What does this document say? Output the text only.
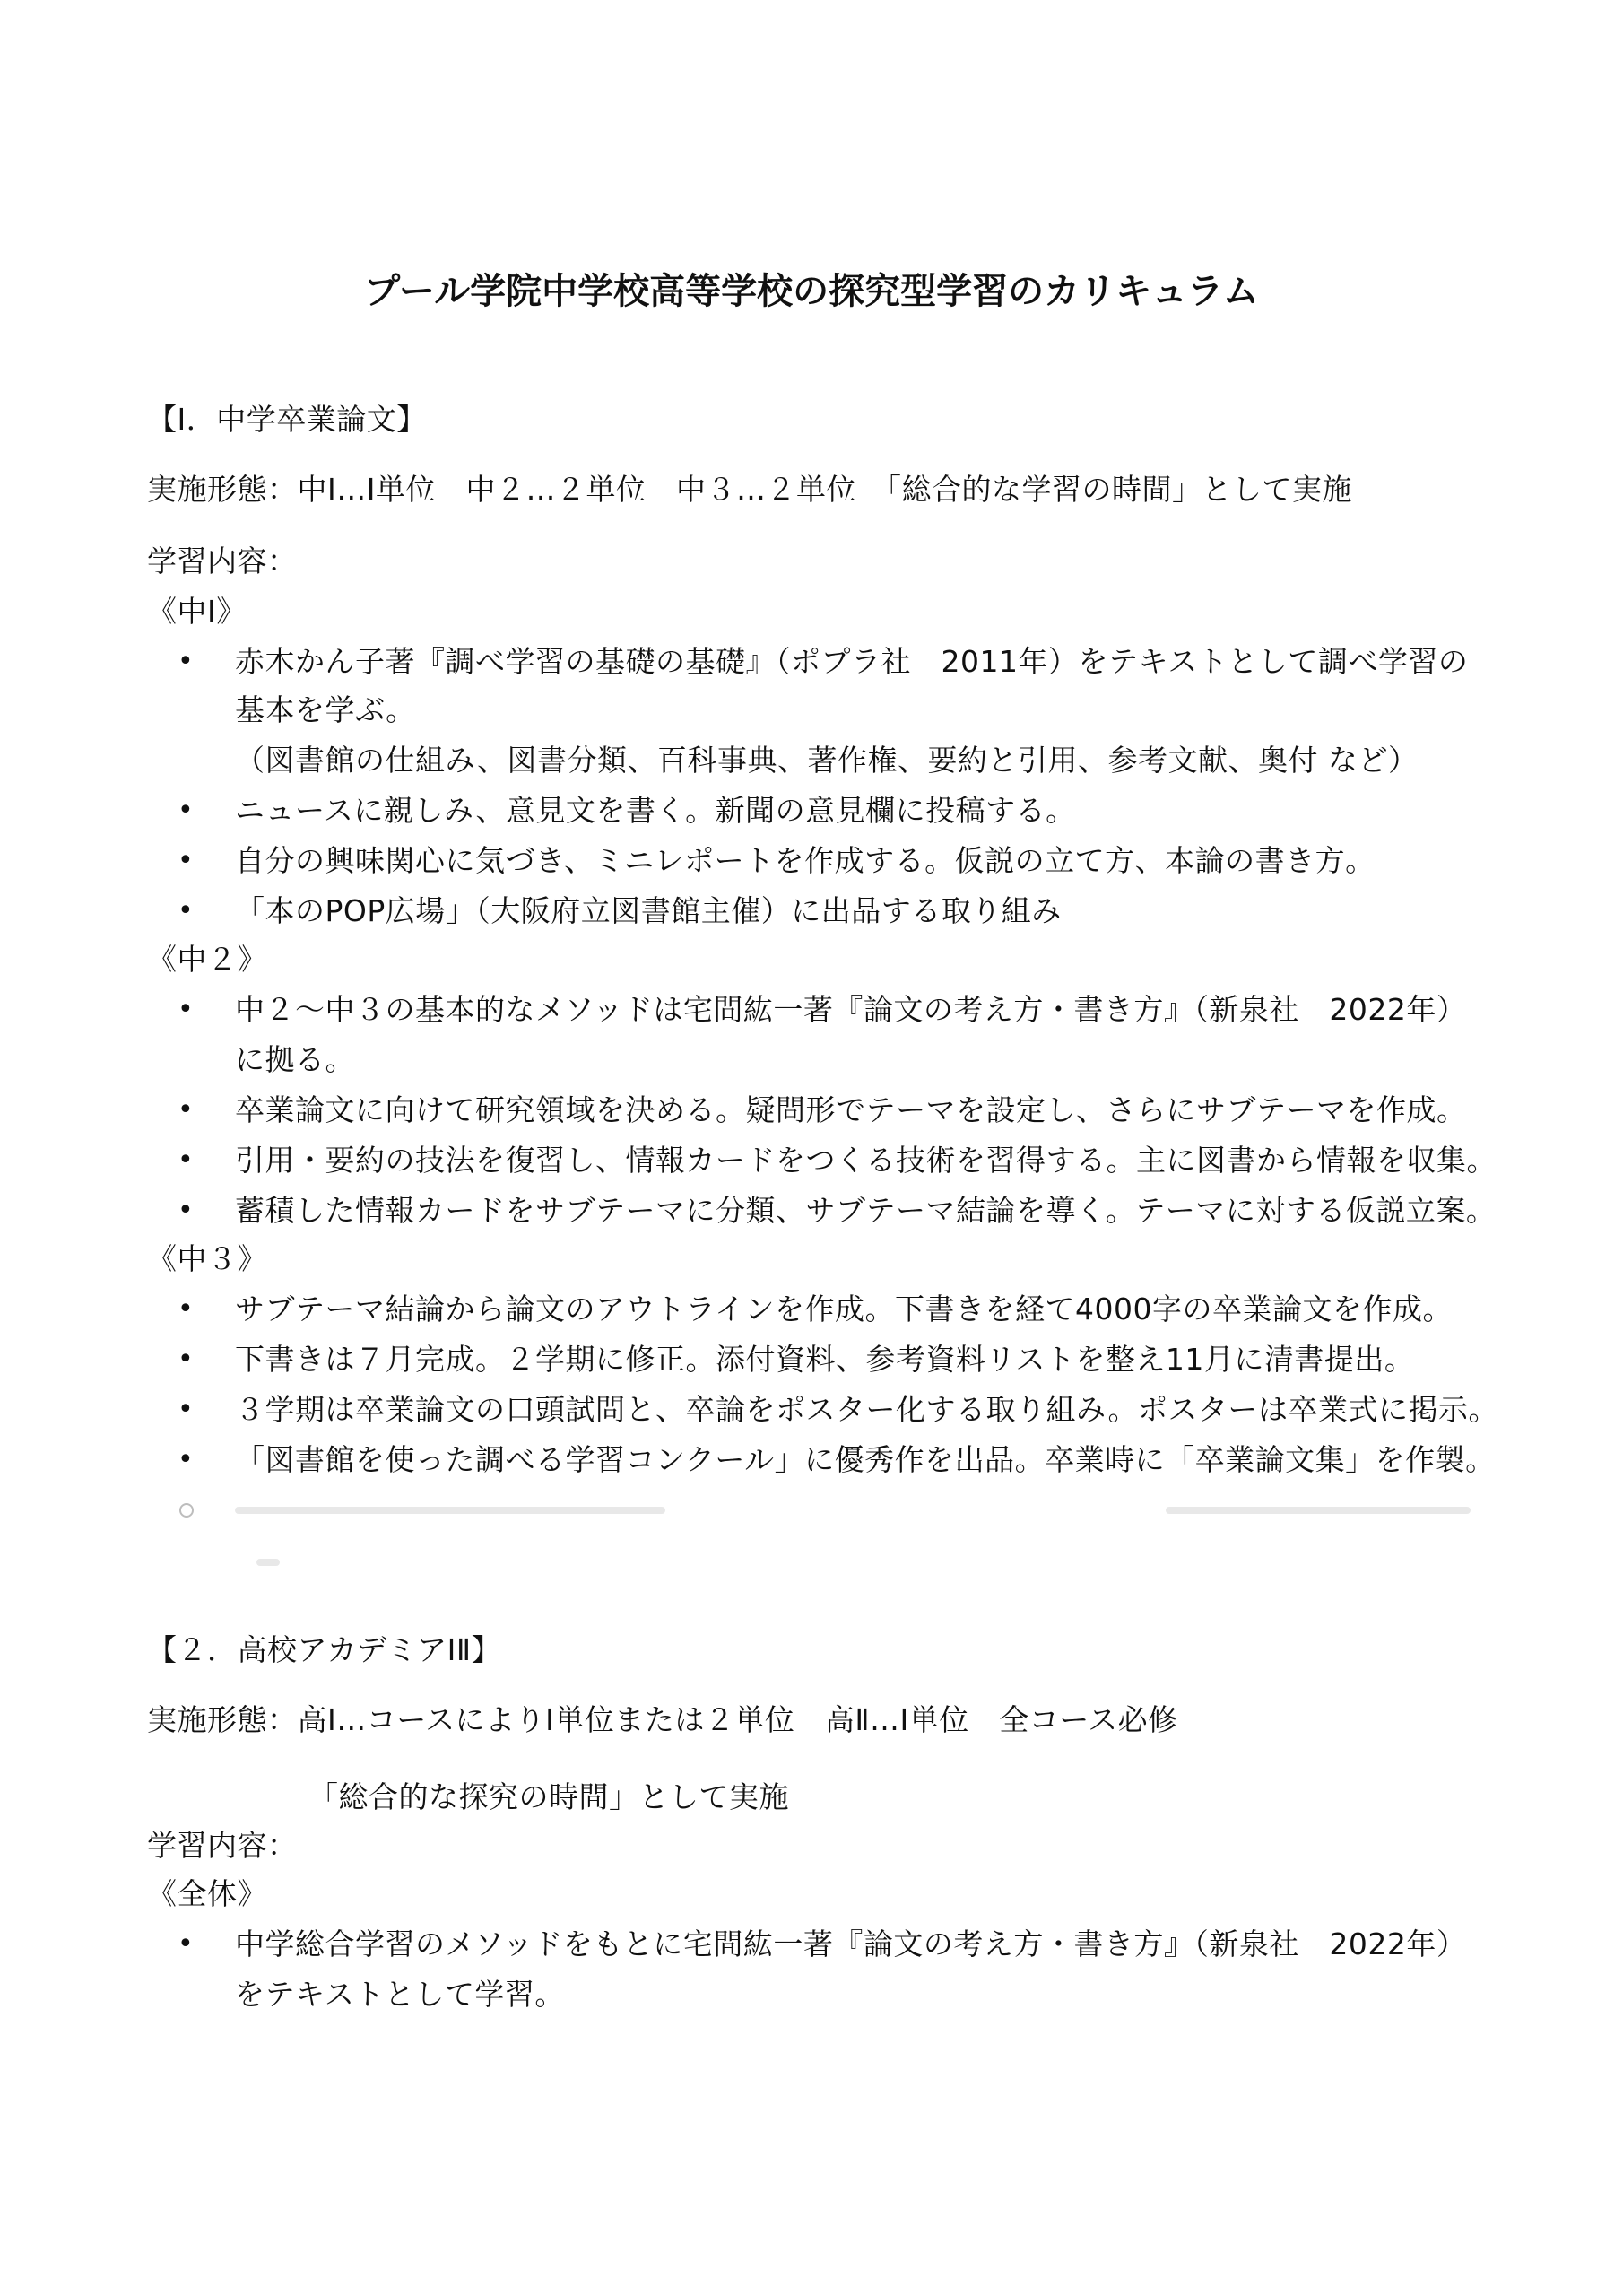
プール学院中学校高等学校の探究型学習のカリキュラム
【Ⅰ．中学卒業論文】
実施形態：中Ⅰ…Ⅰ単位　中２…２単位　中３…２単位　「総合的な学習の時間」として実施
学習内容：
《中Ⅰ》
• 赤木かん子著『調べ学習の基礎の基礎』（ポプラ社　2011年）をテキストとして調べ学習の
基本を学ぶ。
（図書館の仕組み、図書分類、百科事典、著作権、要約と引用、参考文献、奥付 など）
• ニュースに親しみ、意見文を書く。新聞の意見欄に投稿する。
• 自分の興味関心に気づき、ミニレポートを作成する。仮説の立て方、本論の書き方。
• 「本のPOP広場」（大阪府立図書館主催）に出品する取り組み
《中２》
• 中２～中３の基本的なメソッドは宅間紘一著『論文の考え方・書き方』（新泉社　2022年）
に拠る。
• 卒業論文に向けて研究領域を決める。疑問形でテーマを設定し、さらにサブテーマを作成。
• 引用・要約の技法を復習し、情報カードをつくる技術を習得する。主に図書から情報を収集。
• 蓄積した情報カードをサブテーマに分類、サブテーマ結論を導く。テーマに対する仮説立案。
《中３》
• サブテーマ結論から論文のアウトラインを作成。下書きを経て4000字の卒業論文を作成。
• 下書きは７月完成。２学期に修正。添付資料、参考資料リストを整え11月に清書提出。
• ３学期は卒業論文の口頭試問と、卒論をポスター化する取り組み。ポスターは卒業式に掲示。
• 「図書館を使った調べる学習コンクール」に優秀作を出品。卒業時に「卒業論文集」を作製。
【２．高校アカデミアⅠⅡ】
実施形態：高Ⅰ…コースによりⅠ単位または２単位　高Ⅱ…Ⅰ単位　全コース必修
「総合的な探究の時間」として実施
学習内容：
《全体》
• 中学総合学習のメソッドをもとに宅間紘一著『論文の考え方・書き方』（新泉社　2022年）
をテキストとして学習。
